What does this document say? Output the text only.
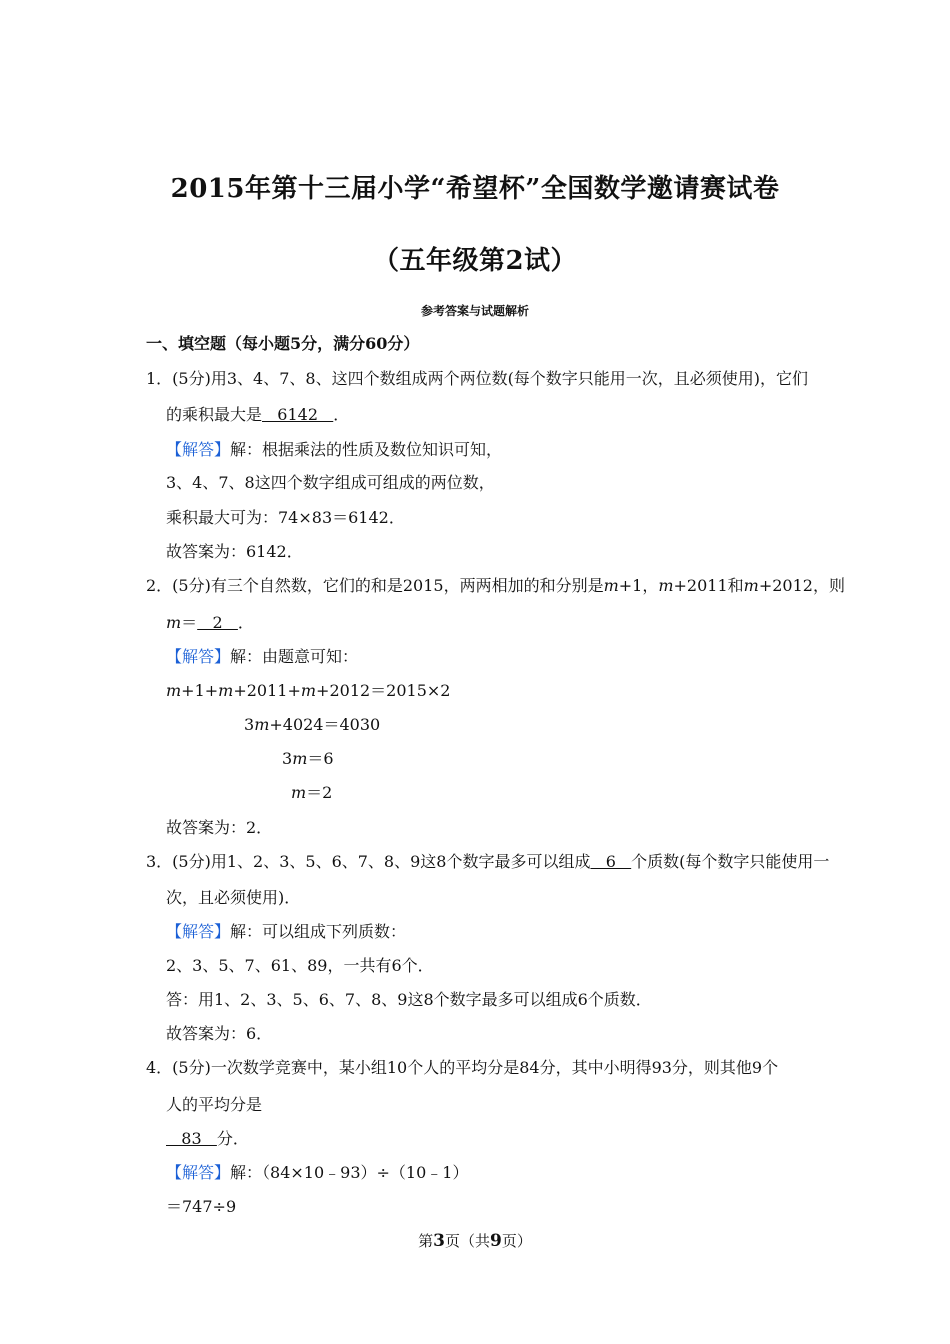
2015年第十三届小学“希望杯”全国数学邀请赛试卷
（五年级第2试）
参考答案与试题解析
一、填空题（每小题5分，满分60分）
1．(5分)用3、4、7、8、这四个数组成两个两位数(每个数字只能用一次，且必须使用)，它们
的乘积最大是   6142   ．
【解答】解：根据乘法的性质及数位知识可知，
3、4、7、8这四个数字组成可组成的两位数，
乘积最大可为：74×83＝6142．
故答案为：6142．
2．(5分)有三个自然数，它们的和是2015，两两相加的和分别是m+1，m+2011和m+2012，则
m＝   2   ．
【解答】解：由题意可知：
m+1+m+2011+m+2012＝2015×2
3m+4024＝4030
3m＝6
m＝2
故答案为：2．
3．(5分)用1、2、3、5、6、7、8、9这8个数字最多可以组成   6   个质数(每个数字只能使用一
次，且必须使用)．
【解答】解：可以组成下列质数：
2、3、5、7、61、89，一共有6个．
答：用1、2、3、5、6、7、8、9这8个数字最多可以组成6个质数．
故答案为：6．
4．(5分)一次数学竞赛中，某小组10个人的平均分是84分，其中小明得93分，则其他9个
人的平均分是
83   分．
【解答】解：（84×10﹣93）÷（10﹣1）
＝747÷9
第3页（共9页）
